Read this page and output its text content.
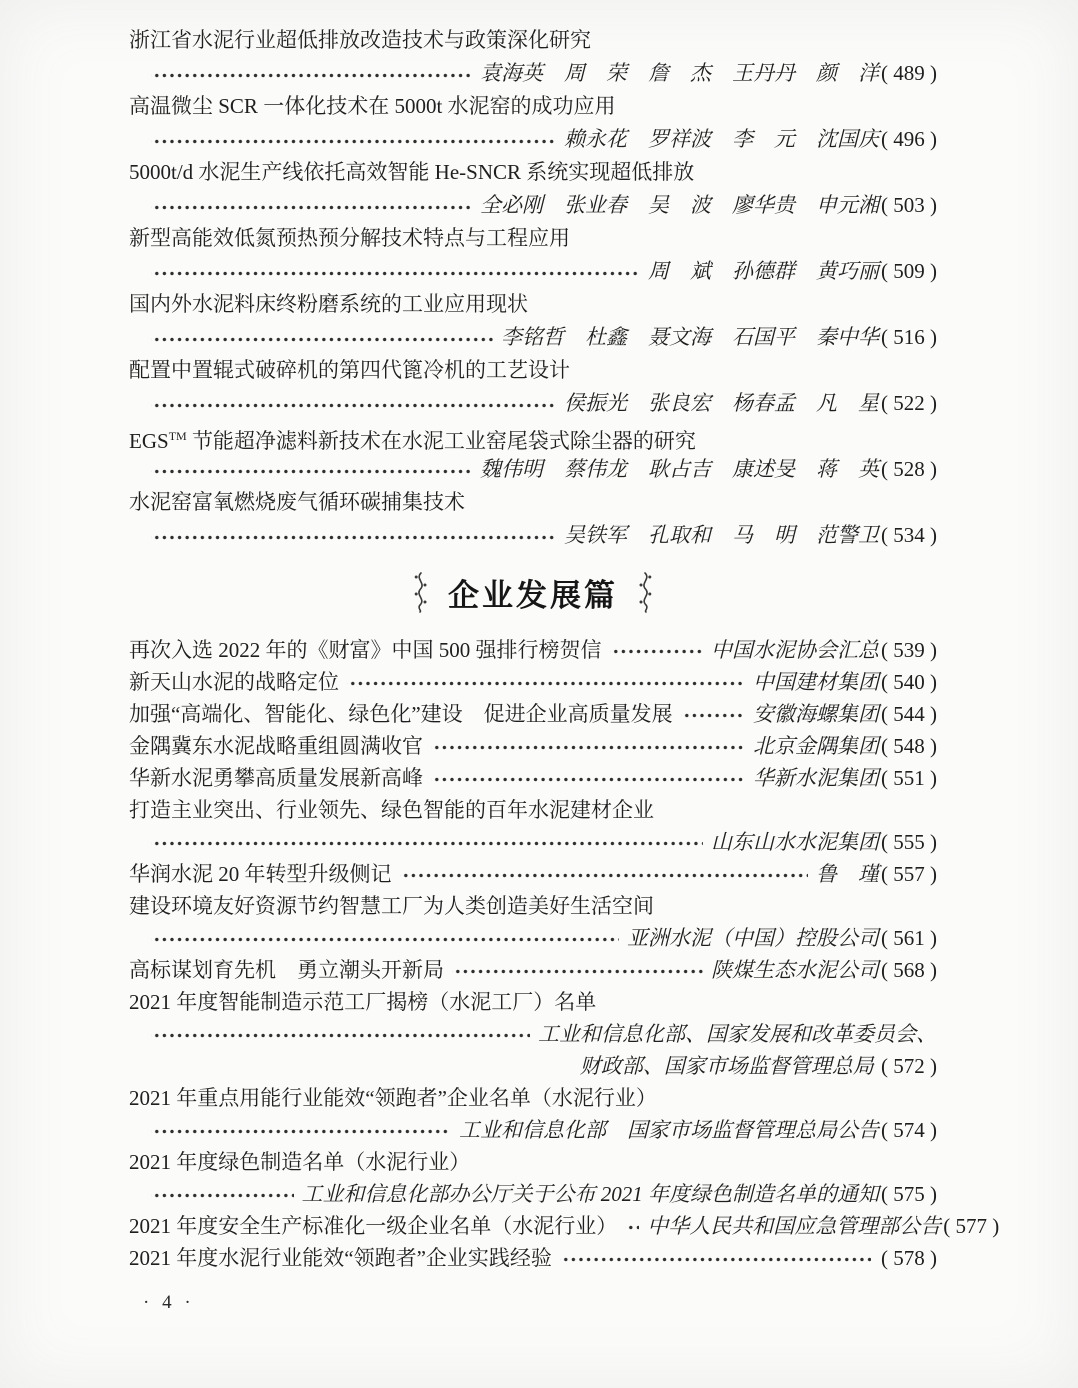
浙江省水泥行业超低排放改造技术与政策深化研究
袁海英　周　荣　詹　杰　王丹丹　颜　洋 ( 489 )
高温微尘 SCR 一体化技术在 5000t 水泥窑的成功应用
赖永花　罗祥波　李　元　沈国庆 ( 496 )
5000t/d 水泥生产线依托高效智能 He-SNCR 系统实现超低排放
全必刚　张业春　吴　波　廖华贵　申元湘 ( 503 )
新型高能效低氮预热预分解技术特点与工程应用
周　斌　孙德群　黄巧丽 ( 509 )
国内外水泥料床终粉磨系统的工业应用现状
李铭哲　杜鑫　聂文海　石国平　秦中华 ( 516 )
配置中置辊式破碎机的第四代篦冷机的工艺设计
侯振光　张良宏　杨春孟　凡　星 ( 522 )
EGS™ 节能超净滤料新技术在水泥工业窑尾袋式除尘器的研究
魏伟明　蔡伟龙　耿占吉　康述旻　蒋　英 ( 528 )
水泥窑富氧燃烧废气循环碳捕集技术
吴铁军　孔取和　马　明　范警卫 ( 534 )
企业发展篇
再次入选 2022 年的《财富》中国 500 强排行榜贺信	中国水泥协会汇总 ( 539 )
新天山水泥的战略定位	中国建材集团 ( 540 )
加强“高端化、智能化、绿色化”建设　促进企业高质量发展	安徽海螺集团 ( 544 )
金隅冀东水泥战略重组圆满收官	北京金隅集团 ( 548 )
华新水泥勇攀高质量发展新高峰	华新水泥集团 ( 551 )
打造主业突出、行业领先、绿色智能的百年水泥建材企业
山东山水水泥集团 ( 555 )
华润水泥 20 年转型升级侧记	鲁　瑾 ( 557 )
建设环境友好资源节约智慧工厂为人类创造美好生活空间
亚洲水泥（中国）控股公司 ( 561 )
高标谋划育先机　勇立潮头开新局	陕煤生态水泥公司 ( 568 )
2021 年度智能制造示范工厂揭榜（水泥工厂）名单
工业和信息化部、国家发展和改革委员会、
财政部、国家市场监督管理总局 ( 572 )
2021 年重点用能行业能效“领跑者”企业名单（水泥行业）
工业和信息化部　国家市场监督管理总局公告 ( 574 )
2021 年度绿色制造名单（水泥行业）
工业和信息化部办公厅关于公布 2021 年度绿色制造名单的通知 ( 575 )
2021 年度安全生产标准化一级企业名单（水泥行业） 中华人民共和国应急管理部公告 ( 577 )
2021 年度水泥行业能效“领跑者”企业实践经验	( 578 )
· 4 ·
